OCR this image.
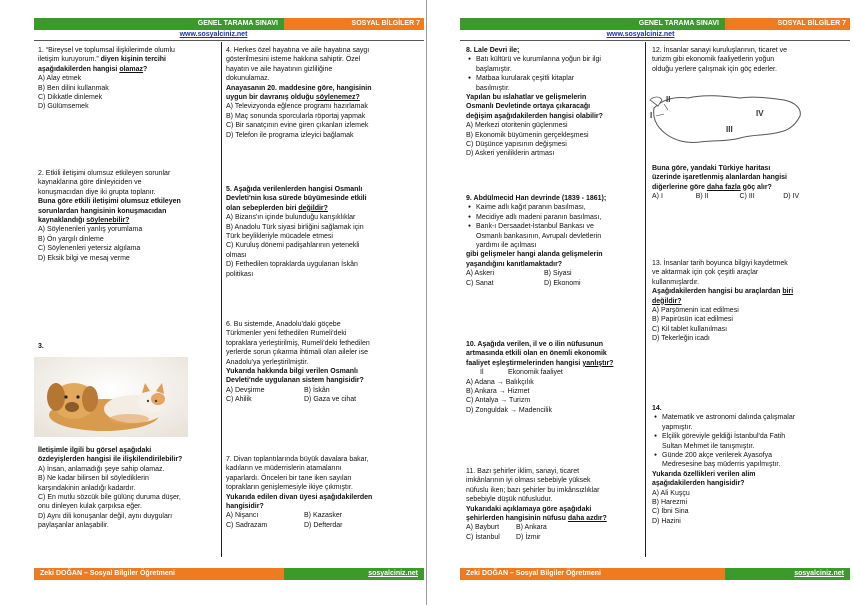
GENEL TARAMA SINAVI	SOSYAL BİLGİLER 7
www.sosyalciniz.net
GENEL TARAMA SINAVI	SOSYAL BİLGİLER 7
www.sosyalciniz.net
Zeki DOĞAN – Sosyal Bilgiler Öğretmeni	sosyalciniz.net	Zeki DOĞAN – Sosyal Bilgiler Öğretmeni	sosyalciniz.net
1. “Bireysel ve toplumsal ilişkilerimde olumlu
iletişim kuruyorum.” diyen kişinin tercihi
aşağıdakilerden hangisi olamaz?
A) Alay etmek
B) Ben dilini kullanmak
C) Dikkatle dinlemek
D) Gülümsemek
2. Etkili iletişimi olumsuz etkileyen sorunlar
kaynaklarına göre dinleyiciden ve
konuşmacıdan diye iki grupta toplanır.
Buna göre etkili iletişimi olumsuz etkileyen
sorunlardan hangisinin konuşmacıdan
kaynaklandığı söylenebilir?
A) Söylenenleri yanlış yorumlama
B) Ön yargılı dinleme
C) Söylenenleri yetersiz algılama
D) Eksik bilgi ve mesaj verme
3.
İletişimle ilgili bu görsel aşağıdaki
özdeyişlerden hangisi ile ilişkilendirilebilir?
A) İnsan, anlamadığı şeye sahip olamaz.
B) Ne kadar bilirsen bil söylediklerin
karşındakinin anladığı kadardır.
C) En mutlu sözcük bile gülünç duruma düşer,
onu dinleyen kulak çarpıksa eğer.
D) Aynı dili konuşanlar değil, aynı duyguları
paylaşanlar anlaşabilir.
4. Herkes özel hayatına ve aile hayatına saygı
gösterilmesini isteme hakkına sahiptir. Özel
hayatın ve aile hayatının gizliliğine
dokunulamaz.
Anayasanın 20. maddesine göre, hangisinin
uygun bir davranış olduğu söylenemez?
A) Televizyonda eğlence programı hazırlamak
B) Maç sonunda sporcularla röportaj yapmak
C) Bir sanatçının evine giren çıkanları izlemek
D) Telefon ile programa izleyici bağlamak
5. Aşağıda verilenlerden hangisi Osmanlı
Devleti'nin kısa sürede büyümesinde etkili
olan sebeplerden biri değildir?
A) Bizans'ın içinde bulunduğu karışıklıklar
B) Anadolu Türk siyasi birliğini sağlamak için
Türk beylikleriyle mücadele etmesi
C) Kuruluş dönemi padişahlarının yetenekli
olması
D) Fethedilen topraklarda uygulanan İskân
politikası
6. Bu sistemde, Anadolu'daki göçebe
Türkmenler yeni fethedilen Rumeli'deki
topraklara yerleştirilmiş, Rumeli'deki fethedilen
yerlerde sorun çıkarma ihtimali olan aileler ise
Anadolu'ya yerleştirilmiştir.
Yukarıda hakkında bilgi verilen Osmanlı
Devleti'nde uygulanan sistem hangisidir?
A) Devşirme	B) İskân
C) Ahilik	D) Gaza ve cihat
7. Divan toplantılarında büyük davalara bakar,
kadıların ve müderrislerin atamalarını
yaparlardı. Önceleri bir tane iken sayıları
toprakların genişlemesiyle ikiye çıkmıştır.
Yukarıda edilen divan üyesi aşağıdakilerden
hangisidir?
A) Nişancı	B) Kazasker
C) Sadrazam	D) Defterdar
8. Lale Devri ile;
● Batı kültürü ve kurumlarına yoğun bir ilgi
başlamıştır.
● Matbaa kurularak çeşitli kitaplar
basılmıştır.
Yapılan bu ıslahatlar ve gelişmelerin
Osmanlı Devletinde ortaya çıkaracağı
değişim aşağıdakilerden hangisi olabilir?
A) Merkezi otoritenin güçlenmesi
B) Ekonomik büyümenin gerçekleşmesi
C) Düşünce yapısının değişmesi
D) Askeri yeniliklerin artması
9. Abdülmecid Han devrinde (1839 - 1861);
● Kaime adlı kağıt paranın basılması,
● Mecidiye adlı madeni paranın basılması,
● Bank-ı Dersaadet-İstanbul Bankası ve
Osmanlı bankasının, Avrupalı devletlerin
yardımı ile açılması
gibi gelişmeler hangi alanda gelişmelerin
yaşandığını kanıtlamaktadır?
A) Askeri	B) Siyasi
C) Sanat	D) Ekonomi
10. Aşağıda verilen, il ve o ilin nüfusunun
artmasında etkili olan en önemli ekonomik
faaliyet eşleştirmelerinden hangisi yanlıştır?
İl	Ekonomik faaliyet
A) Adana → Balıkçılık
B) Ankara → Hizmet
C) Antalya → Turizm
D) Zonguldak → Madencilik
11. Bazı şehirler iklim, sanayi, ticaret
imkânlarının iyi olması sebebiyle yüksek
nüfuslu iken; bazı şehirler bu imkânsızlıklar
sebebiyle düşük nüfusludur.
Yukarıdaki açıklamaya göre aşağıdaki
şehirlerden hangisinin nüfusu daha azdır?
A) Bayburt	B) Ankara
C) İstanbul	D) İzmir
12. İnsanlar sanayi kuruluşlarının, ticaret ve
turizm gibi ekonomik faaliyetlerin yoğun
olduğu yerlere çalışmak için göç ederler.
I
II
III
IV
Buna göre, yandaki Türkiye haritası
üzerinde işaretlenmiş alanlardan hangisi
diğerlerine göre daha fazla göç alır?
A) I	B) II	C) III	D) IV
13. İnsanlar tarih boyunca bilgiyi kaydetmek
ve aktarmak için çok çeşitli araçlar
kullanmışlardır.
Aşağıdakilerden hangisi bu araçlardan biri
değildir?
A) Parşömenin icat edilmesi
B) Papirüsün icat edilmesi
C) Kil tablet kullanılması
D) Tekerleğin icadı
14.
● Matematik ve astronomi dalında çalışmalar
yapmıştır.
● Elçilik göreviyle geldiği İstanbul'da Fatih
Sultan Mehmet ile tanışmıştır.
● Günde 200 akçe verilerek Ayasofya
Medresesine baş müderris yapılmıştır.
Yukarıda özellikleri verilen alim
aşağıdakilerden hangisidir?
A) Ali Kuşçu
B) Harezmi
C) İbni Sina
D) Hazini
